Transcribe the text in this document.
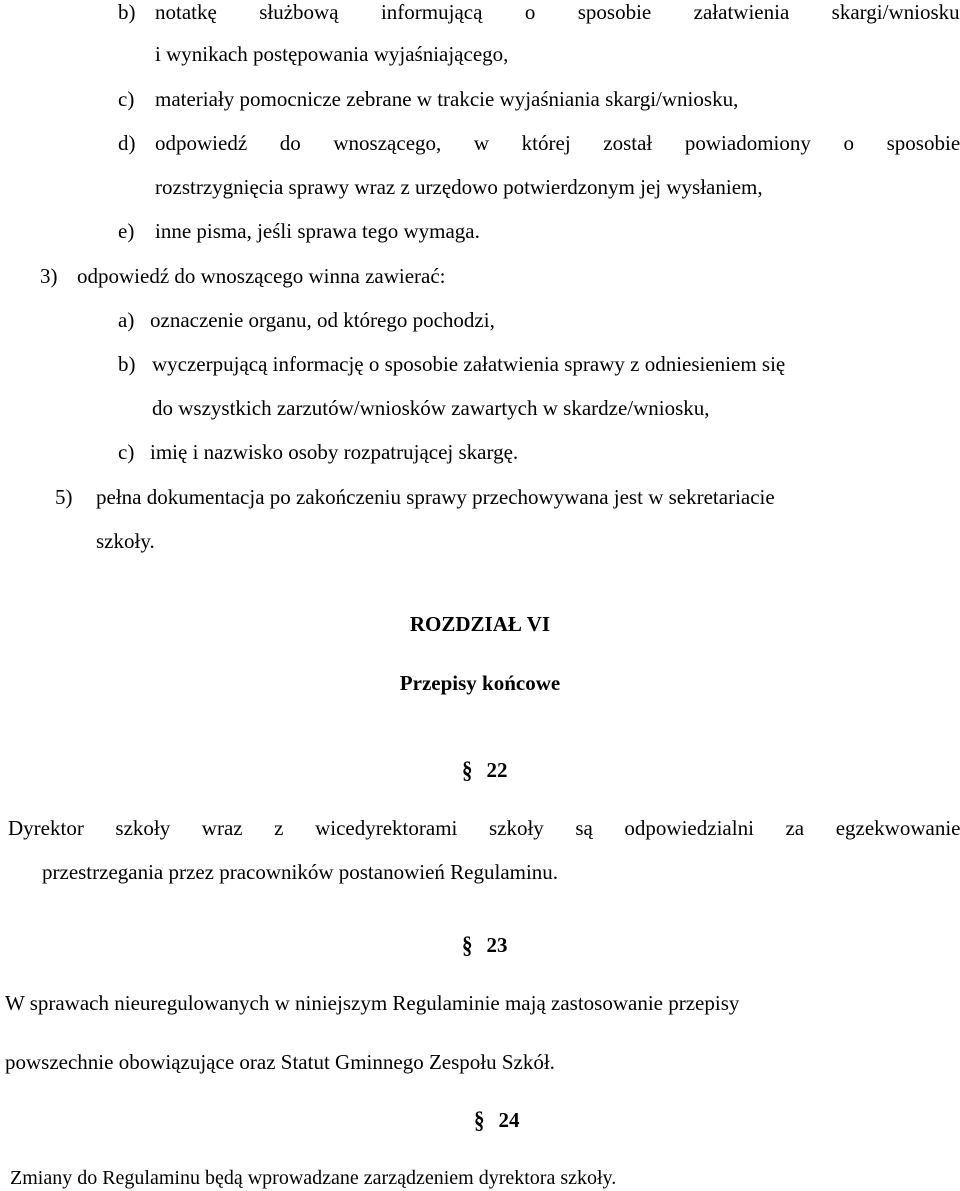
b) notatkę służbową informującą o sposobie załatwienia skargi/wniosku
i wynikach postępowania wyjaśniającego,
c) materiały pomocnicze zebrane w trakcie wyjaśniania skargi/wniosku,
d) odpowiedź do wnoszącego, w której został powiadomiony o sposobie
rozstrzygnięcia sprawy wraz z urzędowo potwierdzonym jej wysłaniem,
e) inne pisma, jeśli sprawa tego wymaga.
3) odpowiedź do wnoszącego winna zawierać:
a) oznaczenie organu, od którego pochodzi,
b) wyczerpującą informację o sposobie załatwienia sprawy z odniesieniem się
do wszystkich zarzutów/wniosków zawartych w skardze/wniosku,
c) imię i nazwisko osoby rozpatrującej skargę.
5) pełna dokumentacja po zakończeniu sprawy przechowywana jest w sekretariacie
szkoły.
ROZDZIAŁ VI
Przepisy końcowe
§ 22
Dyrektor szkoły wraz z wicedyrektorami szkoły są odpowiedzialni za egzekwowanie
przestrzegania przez pracowników postanowień Regulaminu.
§ 23
W sprawach nieuregulowanych w niniejszym Regulaminie mają zastosowanie przepisy
powszechnie obowiązujące oraz Statut Gminnego Zespołu Szkół.
§ 24
Zmiany do Regulaminu będą wprowadzane zarządzeniem dyrektora szkoły.
